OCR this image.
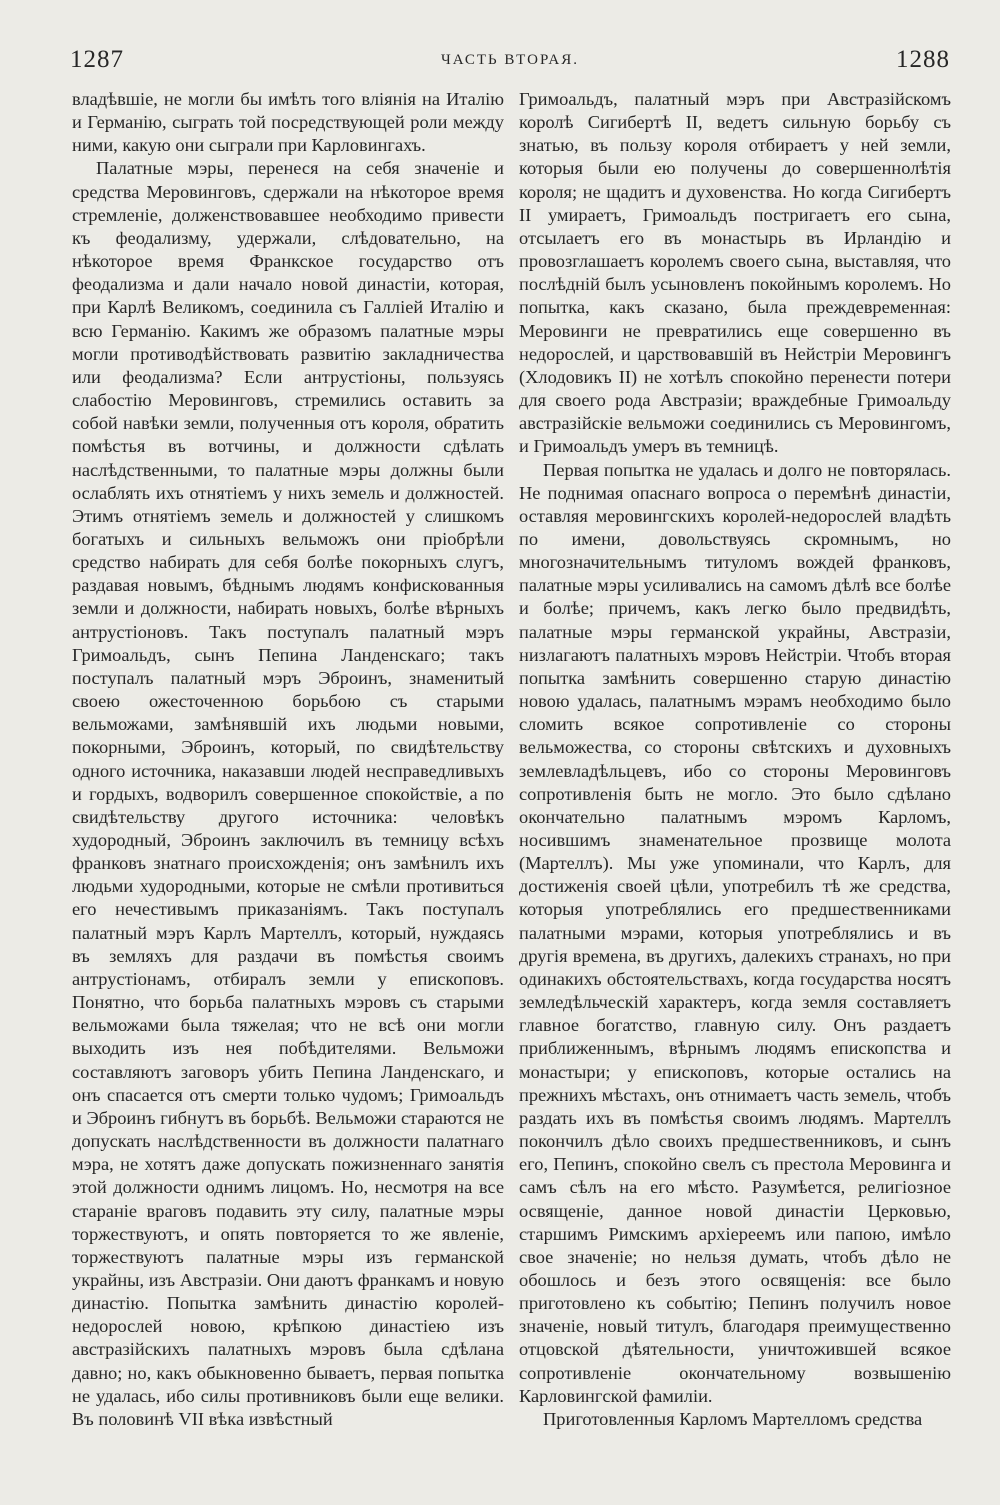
1287	ЧАСТЬ ВТОРАЯ.	1288

владѣвшіе, не могли бы имѣть того вліянія на Италію и Германію, сыграть той посредствующей роли между ними, какую они сыграли при Карловингахъ.

Палатные мэры, перенеся на себя значеніе и средства Меровинговъ, сдержали на нѣкоторое время стремленіе, долженствовавшее необходимо привести къ феодализму, удержали, слѣдовательно, на нѣкоторое время Франкское государство отъ феодализма и дали начало новой династіи, которая, при Карлѣ Великомъ, соединила съ Галліей Италію и всю Германію. Какимъ же образомъ палатные мэры могли противодѣйствовать развитію закладничества или феодализма? Если антрустіоны, пользуясь слабостію Меровинговъ, стремились оставить за собой навѣки земли, полученныя отъ короля, обратить помѣстья въ вотчины, и должности сдѣлать наслѣдственными, то палатные мэры должны были ослаблять ихъ отнятіемъ у нихъ земель и должностей. Этимъ отнятіемъ земель и должностей у слишкомъ богатыхъ и сильныхъ вельможъ они пріобрѣли средство набирать для себя болѣе покорныхъ слугъ, раздавая новымъ, бѣднымъ людямъ конфискованныя земли и должности, набирать новыхъ, болѣе вѣрныхъ антрустіоновъ. Такъ поступалъ палатный мэръ Гримоальдъ, сынъ Пепина Ланденскаго; такъ поступалъ палатный мэръ Эброинъ, знаменитый своею ожесточенною борьбою съ старыми вельможами, замѣнявшій ихъ людьми новыми, покорными, Эброинъ, который, по свидѣтельству одного источника, наказавши людей несправедливыхъ и гордыхъ, водворилъ совершенное спокойствіе, а по свидѣтельству другого источника: человѣкъ худородный, Эброинъ заключилъ въ темницу всѣхъ франковъ знатнаго происхожденія; онъ замѣнилъ ихъ людьми худородными, которые не смѣли противиться его нечестивымъ приказаніямъ. Такъ поступалъ палатный мэръ Карлъ Мартеллъ, который, нуждаясь въ земляхъ для раздачи въ помѣстья своимъ антрустіонамъ, отбиралъ земли у епископовъ. Понятно, что борьба палатныхъ мэровъ съ старыми вельможами была тяжелая; что не всѣ они могли выходить изъ нея побѣдителями. Вельможи составляютъ заговоръ убить Пепина Ланденскаго, и онъ спасается отъ смерти только чудомъ; Гримоальдъ и Эброинъ гибнутъ въ борьбѣ. Вельможи стараются не допускать наслѣдственности въ должности палатнаго мэра, не хотятъ даже допускать пожизненнаго занятія этой должности однимъ лицомъ. Но, несмотря на все стараніе враговъ подавить эту силу, палатные мэры торжествуютъ, и опять повторяется то же явленіе, торжествуютъ палатные мэры изъ германской украйны, изъ Австразіи. Они даютъ франкамъ и новую династію. Попытка замѣнить династію королей-недорослей новою, крѣпкою династіею изъ австразійскихъ палатныхъ мэровъ была сдѣлана давно; но, какъ обыкновенно бываетъ, первая попытка не удалась, ибо силы противниковъ были еще велики. Въ половинѣ VII вѣка извѣстный

Гримоальдъ, палатный мэръ при Австразійскомъ королѣ Сигибертѣ II, ведетъ сильную борьбу съ знатью, въ пользу короля отбираетъ у ней земли, которыя были ею получены до совершеннолѣтія короля; не щадитъ и духовенства. Но когда Сигибертъ II умираетъ, Гримоальдъ постригаетъ его сына, отсылаетъ его въ монастырь въ Ирландію и провозглашаетъ королемъ своего сына, выставляя, что послѣдній былъ усыновленъ покойнымъ королемъ. Но попытка, какъ сказано, была преждевременная: Меровинги не превратились еще совершенно въ недорослей, и царствовавшій въ Нейстріи Меровингъ (Хлодовикъ II) не хотѣлъ спокойно перенести потери для своего рода Австразіи; враждебные Гримоальду австразійскіе вельможи соединились съ Меровингомъ, и Гримоальдъ умеръ въ темницѣ.

Первая попытка не удалась и долго не повторялась. Не поднимая опаснаго вопроса о перемѣнѣ династіи, оставляя меровингскихъ королей-недорослей владѣть по имени, довольствуясь скромнымъ, но многозначительнымъ титуломъ вождей франковъ, палатные мэры усиливались на самомъ дѣлѣ все болѣе и болѣе; причемъ, какъ легко было предвидѣть, палатные мэры германской украйны, Австразіи, низлагаютъ палатныхъ мэровъ Нейстріи. Чтобъ вторая попытка замѣнить совершенно старую династію новою удалась, палатнымъ мэрамъ необходимо было сломить всякое сопротивленіе со стороны вельможества, со стороны свѣтскихъ и духовныхъ землевладѣльцевъ, ибо со стороны Меровинговъ сопротивленія быть не могло. Это было сдѣлано окончательно палатнымъ мэромъ Карломъ, носившимъ знаменательное прозвище молота (Мартеллъ). Мы уже упоминали, что Карлъ, для достиженія своей цѣли, употребилъ тѣ же средства, которыя употреблялись его предшественниками палатными мэрами, которыя употреблялись и въ другія времена, въ другихъ, далекихъ странахъ, но при одинакихъ обстоятельствахъ, когда государства носятъ земледѣльческій характеръ, когда земля составляетъ главное богатство, главную силу. Онъ раздаетъ приближеннымъ, вѣрнымъ людямъ епископства и монастыри; у епископовъ, которые остались на прежнихъ мѣстахъ, онъ отнимаетъ часть земель, чтобъ раздать ихъ въ помѣстья своимъ людямъ. Мартеллъ покончилъ дѣло своихъ предшественниковъ, и сынъ его, Пепинъ, спокойно свелъ съ престола Меровинга и самъ сѣлъ на его мѣсто. Разумѣется, религіозное освященіе, данное новой династіи Церковью, старшимъ Римскимъ архіереемъ или папою, имѣло свое значеніе; но нельзя думать, чтобъ дѣло не обошлось и безъ этого освященія: все было приготовлено къ событію; Пепинъ получилъ новое значеніе, новый титулъ, благодаря преимущественно отцовской дѣятельности, уничтожившей всякое сопротивленіе окончательному возвышенію Карловингской фамиліи.

Приготовленныя Карломъ Мартелломъ средства
